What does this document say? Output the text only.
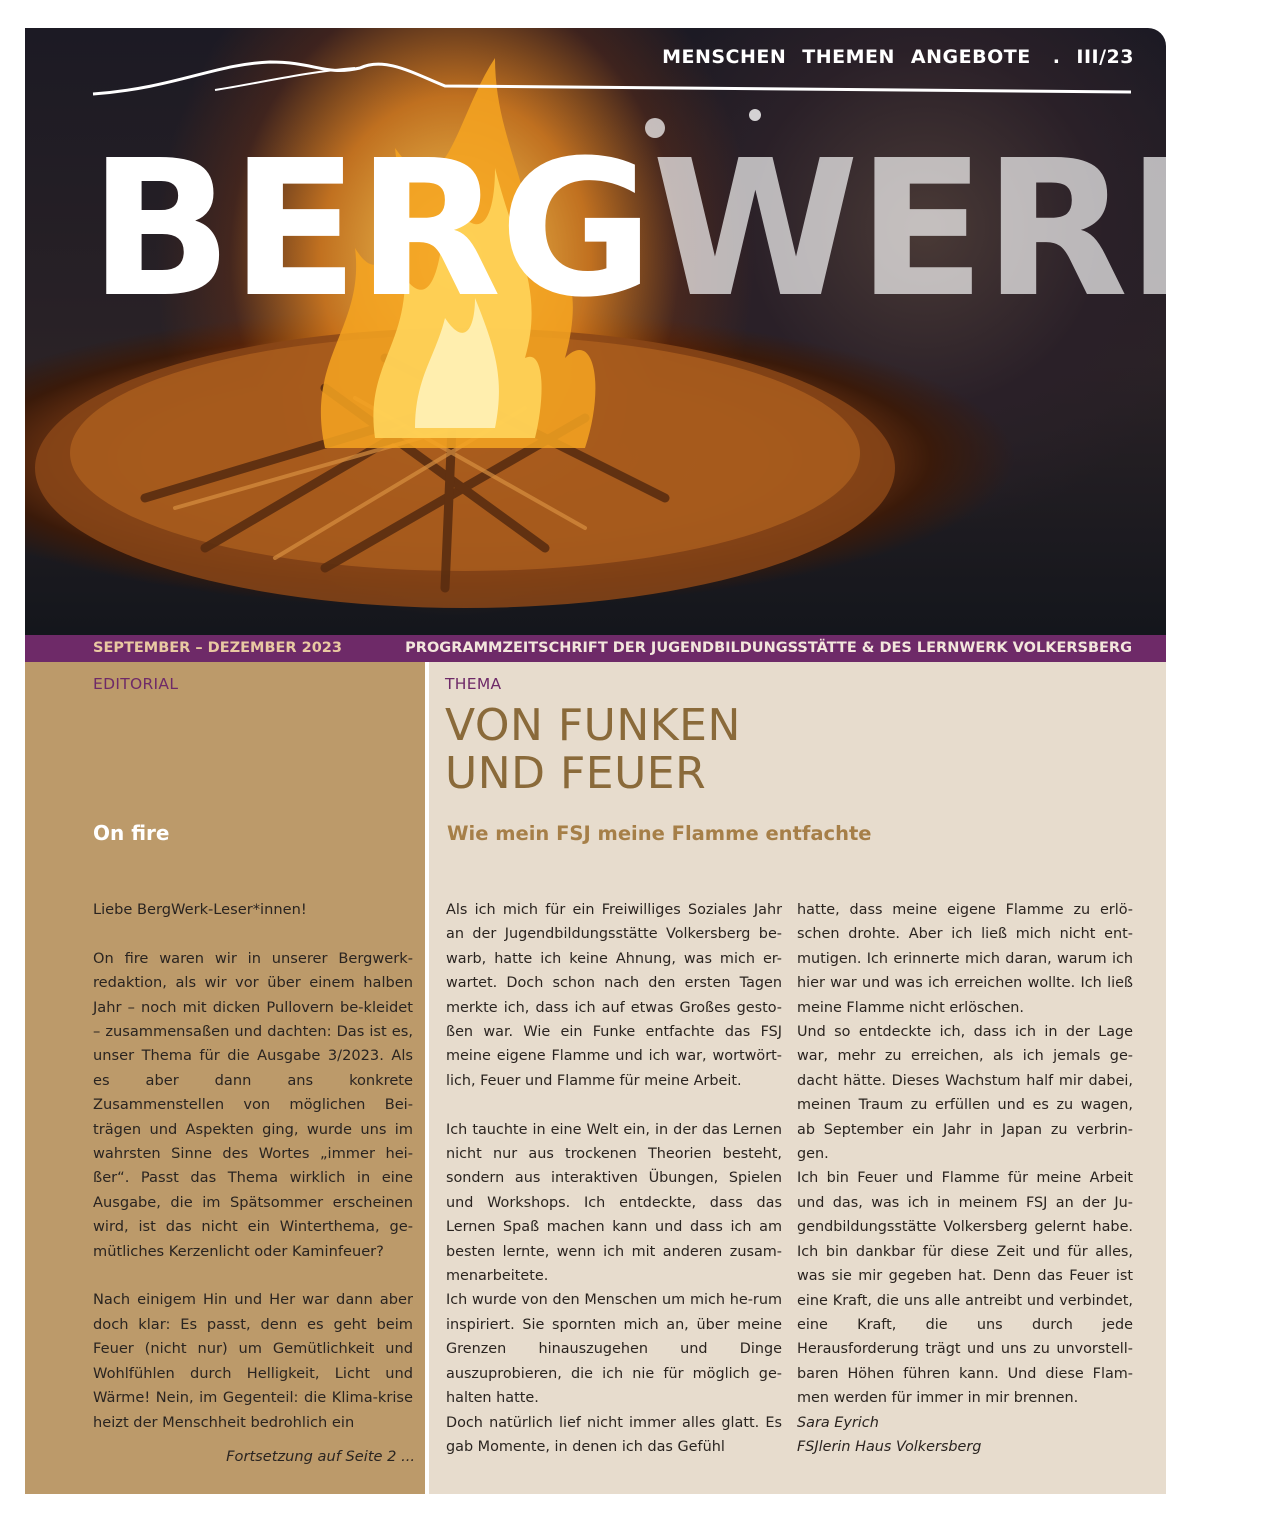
MENSCHEN THEMEN ANGEBOTE . III/23
BERGWERK
SEPTEMBER – DEZEMBER 2023	PROGRAMMZEITSCHRIFT DER JUGENDBILDUNGSSTÄTTE & DES LERNWERK VOLKERSBERG
EDITORIAL
On fire

Liebe BergWerk-Leser*innen!

On fire waren wir in unserer Bergwerk-redaktion, als wir vor über einem halben Jahr – noch mit dicken Pullovern be-kleidet – zusammensaßen und dachten: Das ist es, unser Thema für die Ausgabe 3/2023. Als es aber dann ans konkrete Zusammenstellen von möglichen Bei-trägen und Aspekten ging, wurde uns im wahrsten Sinne des Wortes „immer hei-ßer“. Passt das Thema wirklich in eine Ausgabe, die im Spätsommer erscheinen wird, ist das nicht ein Winterthema, ge-mütliches Kerzenlicht oder Kaminfeuer?

Nach einigem Hin und Her war dann aber doch klar: Es passt, denn es geht beim Feuer (nicht nur) um Gemütlichkeit und Wohlfühlen durch Helligkeit, Licht und Wärme! Nein, im Gegenteil: die Klima-krise heizt der Menschheit bedrohlich ein

Fortsetzung auf Seite 2 ...
THEMA
VON FUNKEN
UND FEUER
Wie mein FSJ meine Flamme entfachte

Als ich mich für ein Freiwilliges Soziales Jahr an der Jugendbildungsstätte Volkersberg be-warb, hatte ich keine Ahnung, was mich er-wartet. Doch schon nach den ersten Tagen merkte ich, dass ich auf etwas Großes gesto-ßen war. Wie ein Funke entfachte das FSJ meine eigene Flamme und ich war, wortwört-lich, Feuer und Flamme für meine Arbeit.

Ich tauchte in eine Welt ein, in der das Lernen nicht nur aus trockenen Theorien besteht, sondern aus interaktiven Übungen, Spielen und Workshops. Ich entdeckte, dass das Lernen Spaß machen kann und dass ich am besten lernte, wenn ich mit anderen zusam-menarbeitete.

Ich wurde von den Menschen um mich he-rum inspiriert. Sie spornten mich an, über meine Grenzen hinauszugehen und Dinge auszuprobieren, die ich nie für möglich ge-halten hatte.

Doch natürlich lief nicht immer alles glatt. Es gab Momente, in denen ich das Gefühl

hatte, dass meine eigene Flamme zu erlö-schen drohte. Aber ich ließ mich nicht ent-mutigen. Ich erinnerte mich daran, warum ich hier war und was ich erreichen wollte. Ich ließ meine Flamme nicht erlöschen.

Und so entdeckte ich, dass ich in der Lage war, mehr zu erreichen, als ich jemals ge-dacht hätte. Dieses Wachstum half mir dabei, meinen Traum zu erfüllen und es zu wagen, ab September ein Jahr in Japan zu verbrin-gen.

Ich bin Feuer und Flamme für meine Arbeit und das, was ich in meinem FSJ an der Ju-gendbildungsstätte Volkersberg gelernt habe. Ich bin dankbar für diese Zeit und für alles, was sie mir gegeben hat. Denn das Feuer ist eine Kraft, die uns alle antreibt und verbindet, eine Kraft, die uns durch jede Herausforderung trägt und uns zu unvorstell-baren Höhen führen kann. Und diese Flam-men werden für immer in mir brennen.

Sara Eyrich

FSJlerin Haus Volkersberg
